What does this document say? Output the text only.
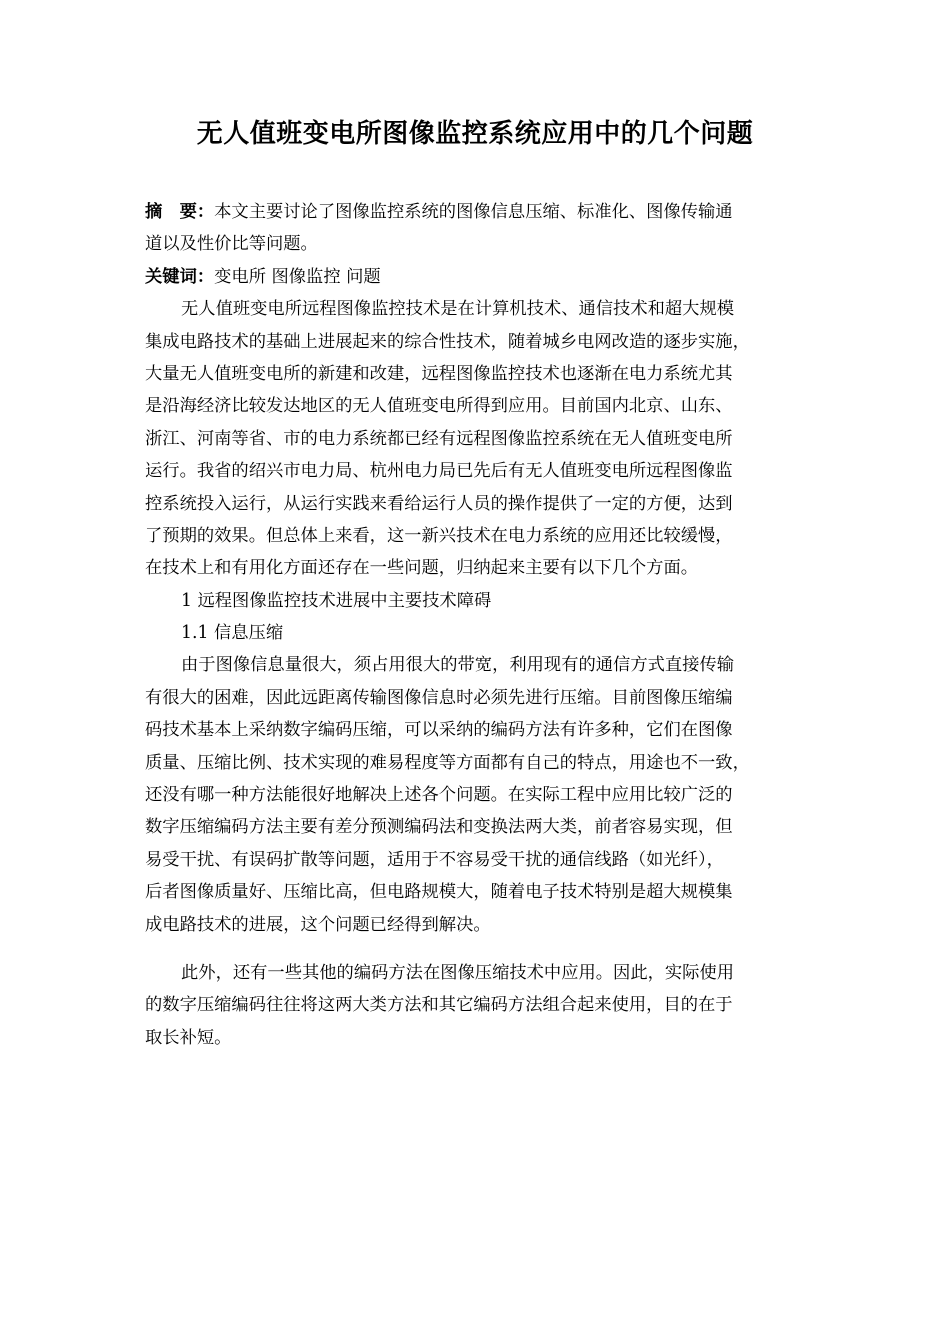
无人值班变电所图像监控系统应用中的几个问题
摘　要：本文主要讨论了图像监控系统的图像信息压缩、标准化、图像传输通
道以及性价比等问题。
关键词：变电所 图像监控 问题
无人值班变电所远程图像监控技术是在计算机技术、通信技术和超大规模
集成电路技术的基础上进展起来的综合性技术，随着城乡电网改造的逐步实施，
大量无人值班变电所的新建和改建，远程图像监控技术也逐渐在电力系统尤其
是沿海经济比较发达地区的无人值班变电所得到应用。目前国内北京、山东、
浙江、河南等省、市的电力系统都已经有远程图像监控系统在无人值班变电所
运行。我省的绍兴市电力局、杭州电力局已先后有无人值班变电所远程图像监
控系统投入运行，从运行实践来看给运行人员的操作提供了一定的方便，达到
了预期的效果。但总体上来看，这一新兴技术在电力系统的应用还比较缓慢，
在技术上和有用化方面还存在一些问题，归纳起来主要有以下几个方面。
1 远程图像监控技术进展中主要技术障碍
1.1 信息压缩
由于图像信息量很大，须占用很大的带宽，利用现有的通信方式直接传输
有很大的困难，因此远距离传输图像信息时必须先进行压缩。目前图像压缩编
码技术基本上采纳数字编码压缩，可以采纳的编码方法有许多种，它们在图像
质量、压缩比例、技术实现的难易程度等方面都有自己的特点，用途也不一致，
还没有哪一种方法能很好地解决上述各个问题。在实际工程中应用比较广泛的
数字压缩编码方法主要有差分预测编码法和变换法两大类，前者容易实现，但
易受干扰、有误码扩散等问题，适用于不容易受干扰的通信线路（如光纤），
后者图像质量好、压缩比高，但电路规模大，随着电子技术特别是超大规模集
成电路技术的进展，这个问题已经得到解决。
此外，还有一些其他的编码方法在图像压缩技术中应用。因此，实际使用
的数字压缩编码往往将这两大类方法和其它编码方法组合起来使用，目的在于
取长补短。
